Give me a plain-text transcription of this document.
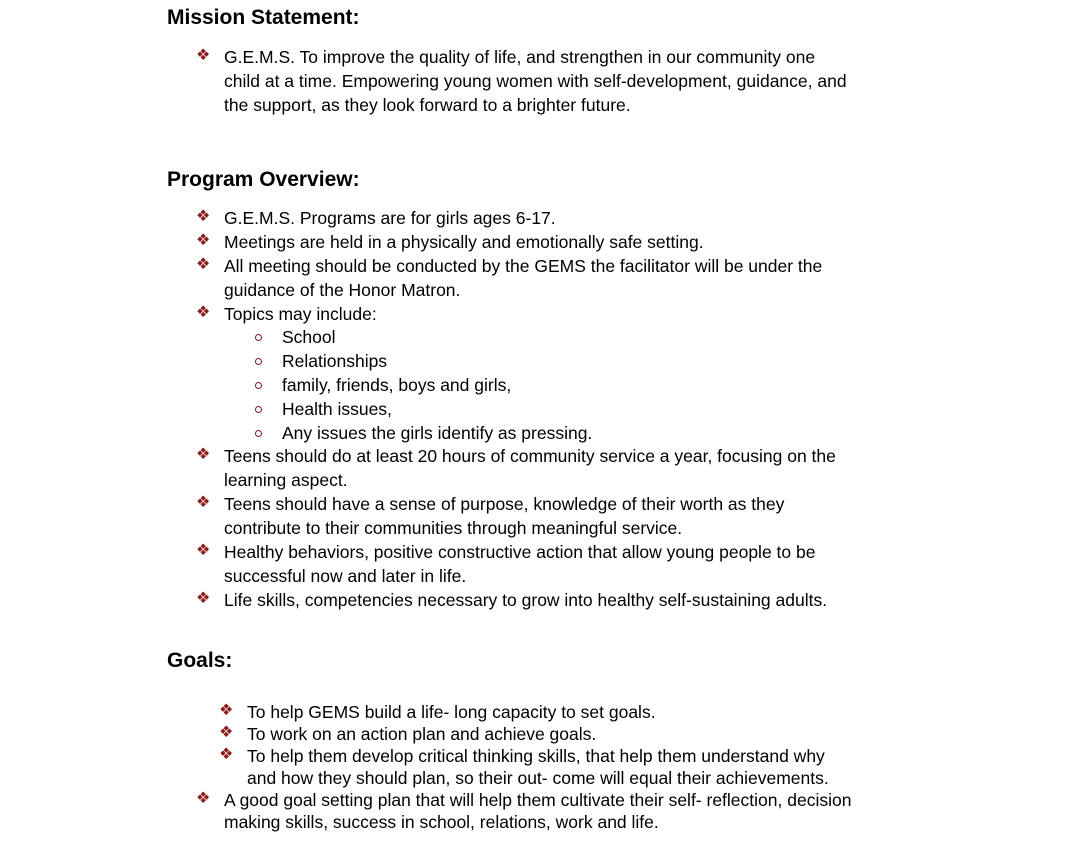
Mission Statement:
❖ G.E.M.S. To improve the quality of life, and strengthen in our community one
child at a time. Empowering young women with self-development, guidance, and
the support, as they look forward to a brighter future.
Program Overview:
❖ G.E.M.S. Programs are for girls ages 6-17.
❖ Meetings are held in a physically and emotionally safe setting.
❖ All meeting should be conducted by the GEMS the facilitator will be under the
guidance of the Honor Matron.
❖ Topics may include:
School
Relationships
family, friends, boys and girls,
Health issues,
Any issues the girls identify as pressing.
❖ Teens should do at least 20 hours of community service a year, focusing on the
learning aspect.
❖ Teens should have a sense of purpose, knowledge of their worth as they
contribute to their communities through meaningful service.
❖ Healthy behaviors, positive constructive action that allow young people to be
successful now and later in life.
❖ Life skills, competencies necessary to grow into healthy self-sustaining adults.
Goals:
❖ To help GEMS build a life- long capacity to set goals.
❖ To work on an action plan and achieve goals.
❖ To help them develop critical thinking skills, that help them understand why
and how they should plan, so their out- come will equal their achievements.
❖ A good goal setting plan that will help them cultivate their self- reflection, decision
making skills, success in school, relations, work and life.
